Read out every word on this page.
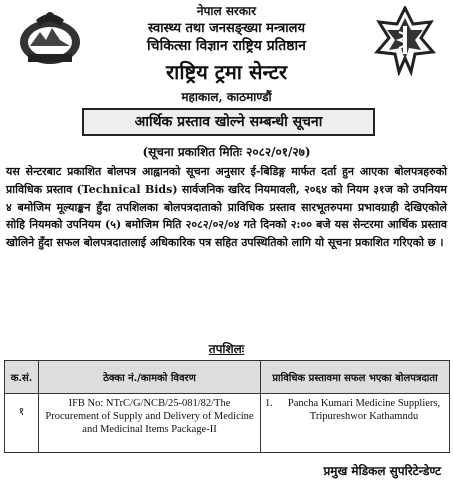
नेपाल सरकार
स्वास्थ्य तथा जनसङ्ख्या मन्त्रालय
चिकित्सा विज्ञान राष्ट्रिय प्रतिष्ठान
राष्ट्रिय ट्रमा सेन्टर
महाकाल, काठमाण्डौं
आर्थिक प्रस्ताव खोल्ने सम्बन्धी सूचना
(सूचना प्रकाशित मितिः २०८२/०१/२७)
यस सेन्टरबाट प्रकाशित बोलपत्र आह्वानको सूचना अनुसार ई-बिडिङ्ग मार्फत दर्ता हुन आएका बोलपत्रहरुको प्राविधिक प्रस्ताव (Technical Bids) सार्वजनिक खरिद नियमावली, २०६४ को नियम ३१ज को उपनियम ४ बमोजिम मूल्याङ्कन हुँदा तपशिलका बोलपत्रदाताको प्राविधिक प्रस्ताव सारभूतरुपमा प्रभावग्राही देखिएकोले सोहि नियमको उपनियम (५) बमोजिम मिति २०८२/०२/०४ गते दिनको २:०० बजे यस सेन्टरमा आर्थिक प्रस्ताव खोलिने हुँदा सफल बोलपत्रदातालाई अधिकारिक पत्र सहित उपस्थितिको लागि यो सूचना प्रकाशित गरिएको छ ।
तपशिलः
क.सं.	ठेक्का नं./कामको विवरण	प्राविधिक प्रस्तावमा सफल भएका बोलपत्रदाता
१	IFB No: NTrC/G/NCB/25-081/82/The Procurement of Supply and Delivery of Medicine and Medicinal Items Package-II	1. Pancha Kumari Medicine Suppliers, Tripureshwor Kathamndu
प्रमुख मेडिकल सुपरिटेन्डेण्ट
